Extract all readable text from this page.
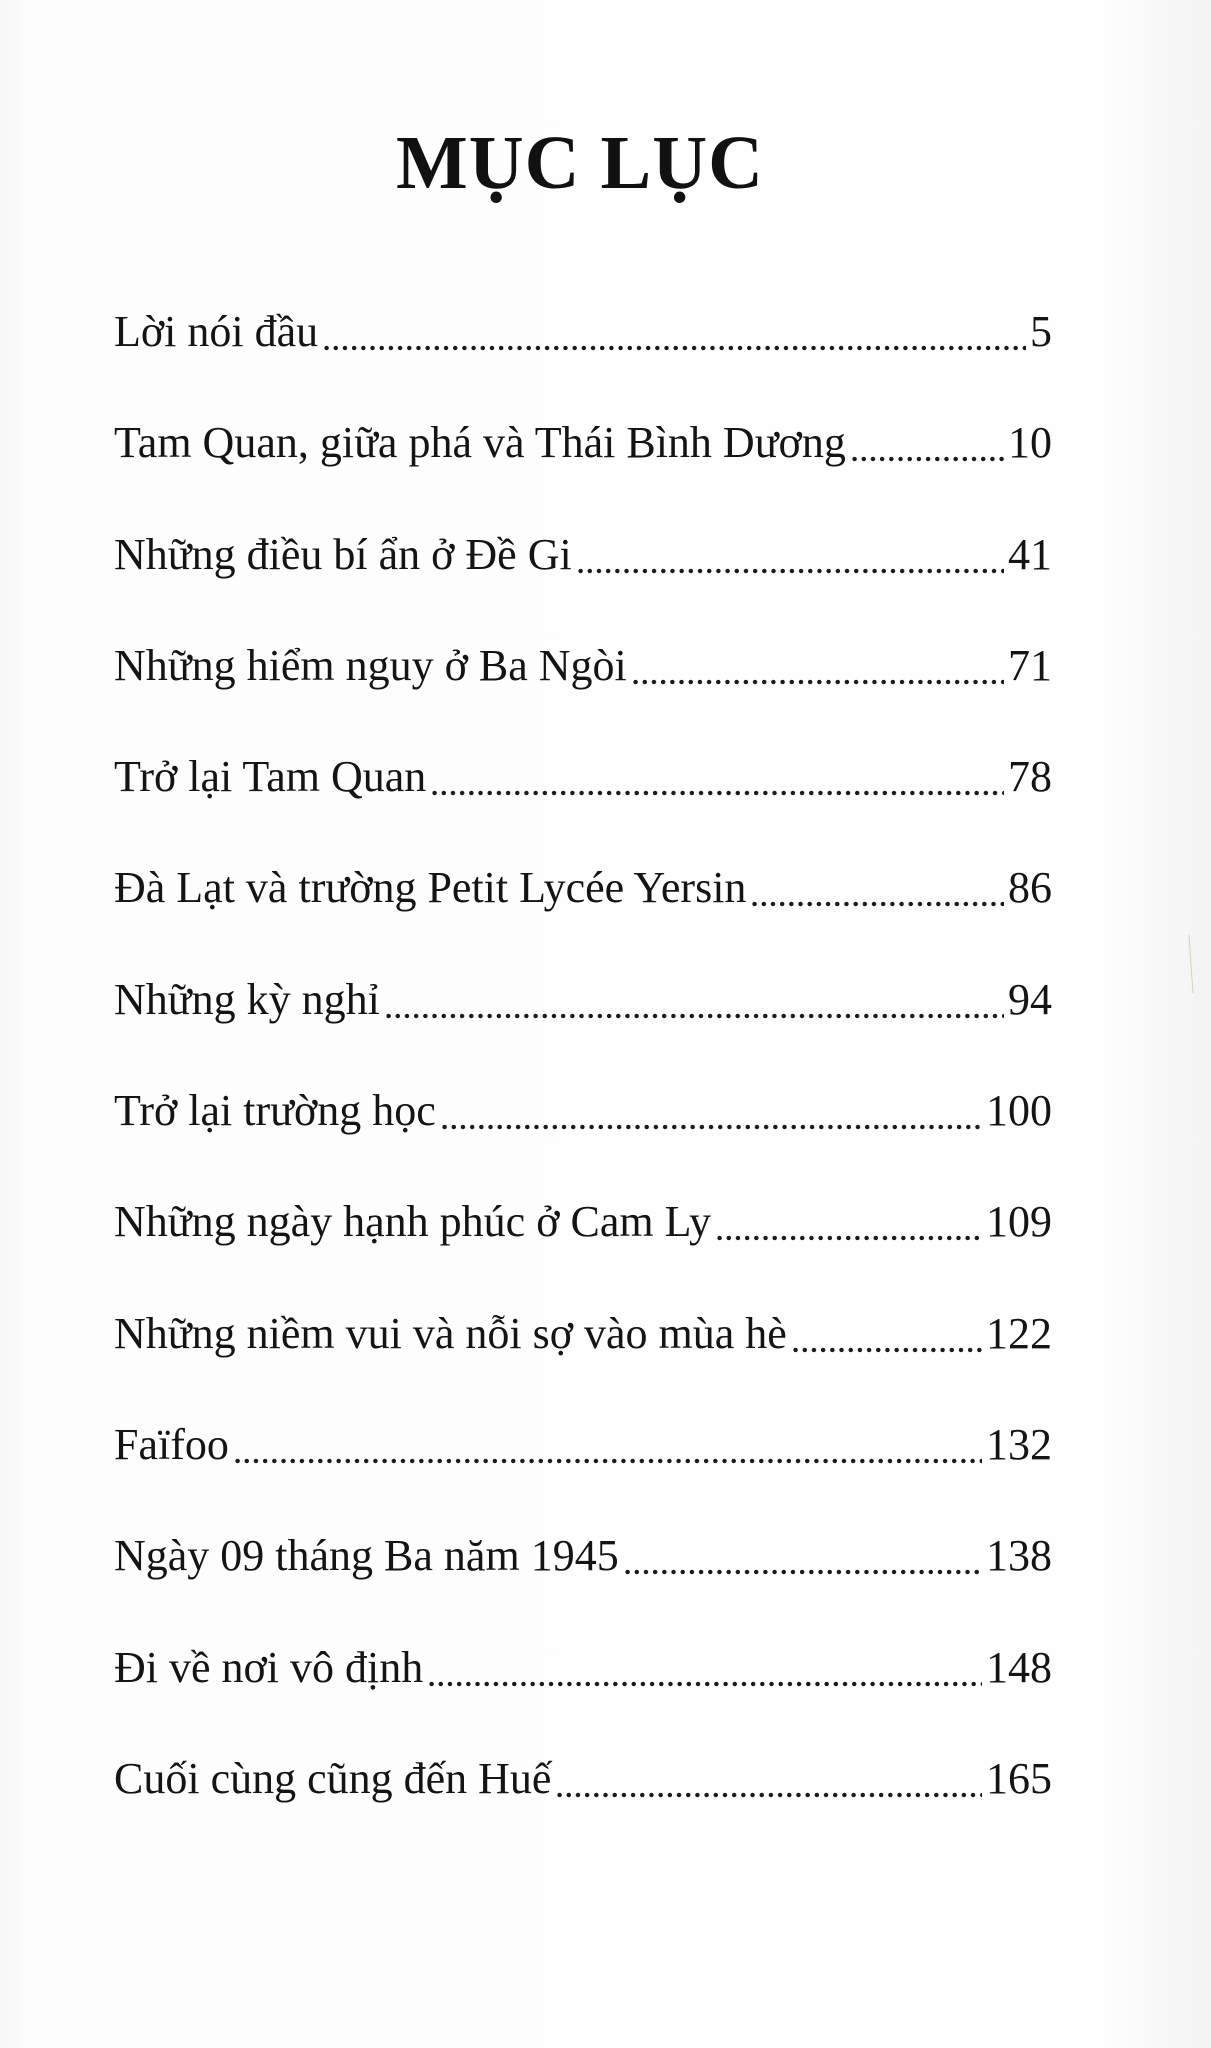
MỤC LỤC
Lời nói đầu	5
Tam Quan, giữa phá và Thái Bình Dương	10
Những điều bí ẩn ở Đề Gi	41
Những hiểm nguy ở Ba Ngòi	71
Trở lại Tam Quan	78
Đà Lạt và trường Petit Lycée Yersin	86
Những kỳ nghỉ	94
Trở lại trường học	100
Những ngày hạnh phúc ở Cam Ly	109
Những niềm vui và nỗi sợ vào mùa hè	122
Faïfoo	132
Ngày 09 tháng Ba năm 1945	138
Đi về nơi vô định	148
Cuối cùng cũng đến Huế	165
